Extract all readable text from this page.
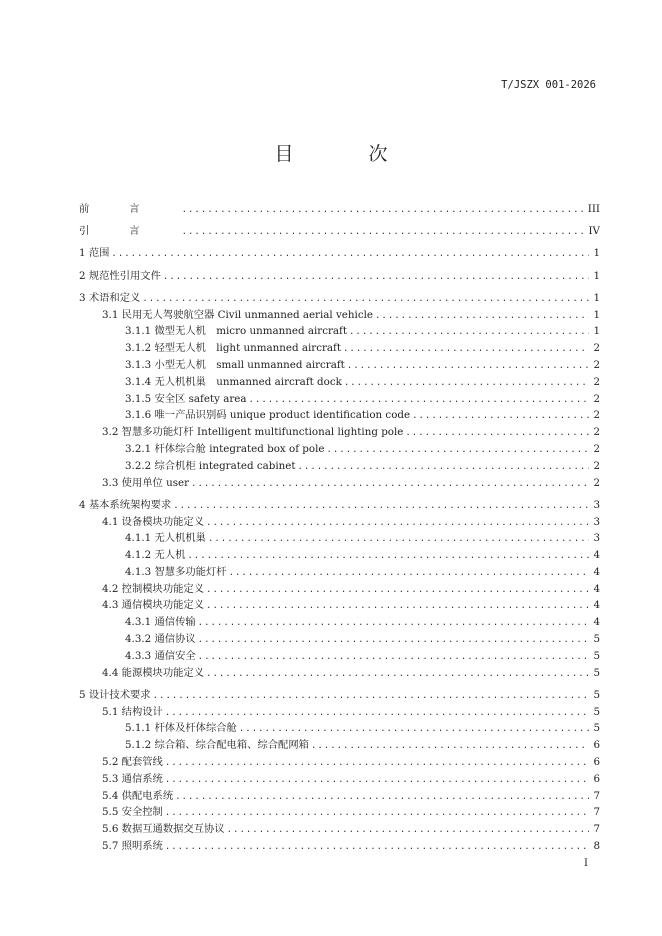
T/JSZX 001-2026
目　次
前言 .....	III
引言 .....	IV
1 范围 .....	1
2 规范性引用文件 .....	1
3 术语和定义 .....	1
3.1 民用无人驾驶航空器 Civil unmanned aerial vehicle .....	1
3.1.1 微型无人机　micro unmanned aircraft .....	1
3.1.2 轻型无人机　light unmanned aircraft .....	2
3.1.3 小型无人机　small unmanned aircraft .....	2
3.1.4 无人机机巢　unmanned aircraft dock .....	2
3.1.5 安全区 safety area .....	2
3.1.6 唯一产品识别码 unique product identification code .....	2
3.2 智慧多功能灯杆 Intelligent multifunctional lighting pole .....	2
3.2.1 杆体综合舱 integrated box of pole .....	2
3.2.2 综合机柜 integrated cabinet .....	2
3.3 使用单位 user .....	2
4 基本系统架构要求 .....	3
4.1 设备模块功能定义 .....	3
4.1.1 无人机机巢 .....	3
4.1.2 无人机 .....	4
4.1.3 智慧多功能灯杆 .....	4
4.2 控制模块功能定义 .....	4
4.3 通信模块功能定义 .....	4
4.3.1 通信传输 .....	4
4.3.2 通信协议 .....	5
4.3.3 通信安全 .....	5
4.4 能源模块功能定义 .....	5
5 设计技术要求 .....	5
5.1 结构设计 .....	5
5.1.1 杆体及杆体综合舱 .....	5
5.1.2 综合箱、综合配电箱、综合配网箱 .....	6
5.2 配套管线 .....	6
5.3 通信系统 .....	6
5.4 供配电系统 .....	7
5.5 安全控制 .....	7
5.6 数据互通数据交互协议 .....	7
5.7 照明系统 .....	8
I
